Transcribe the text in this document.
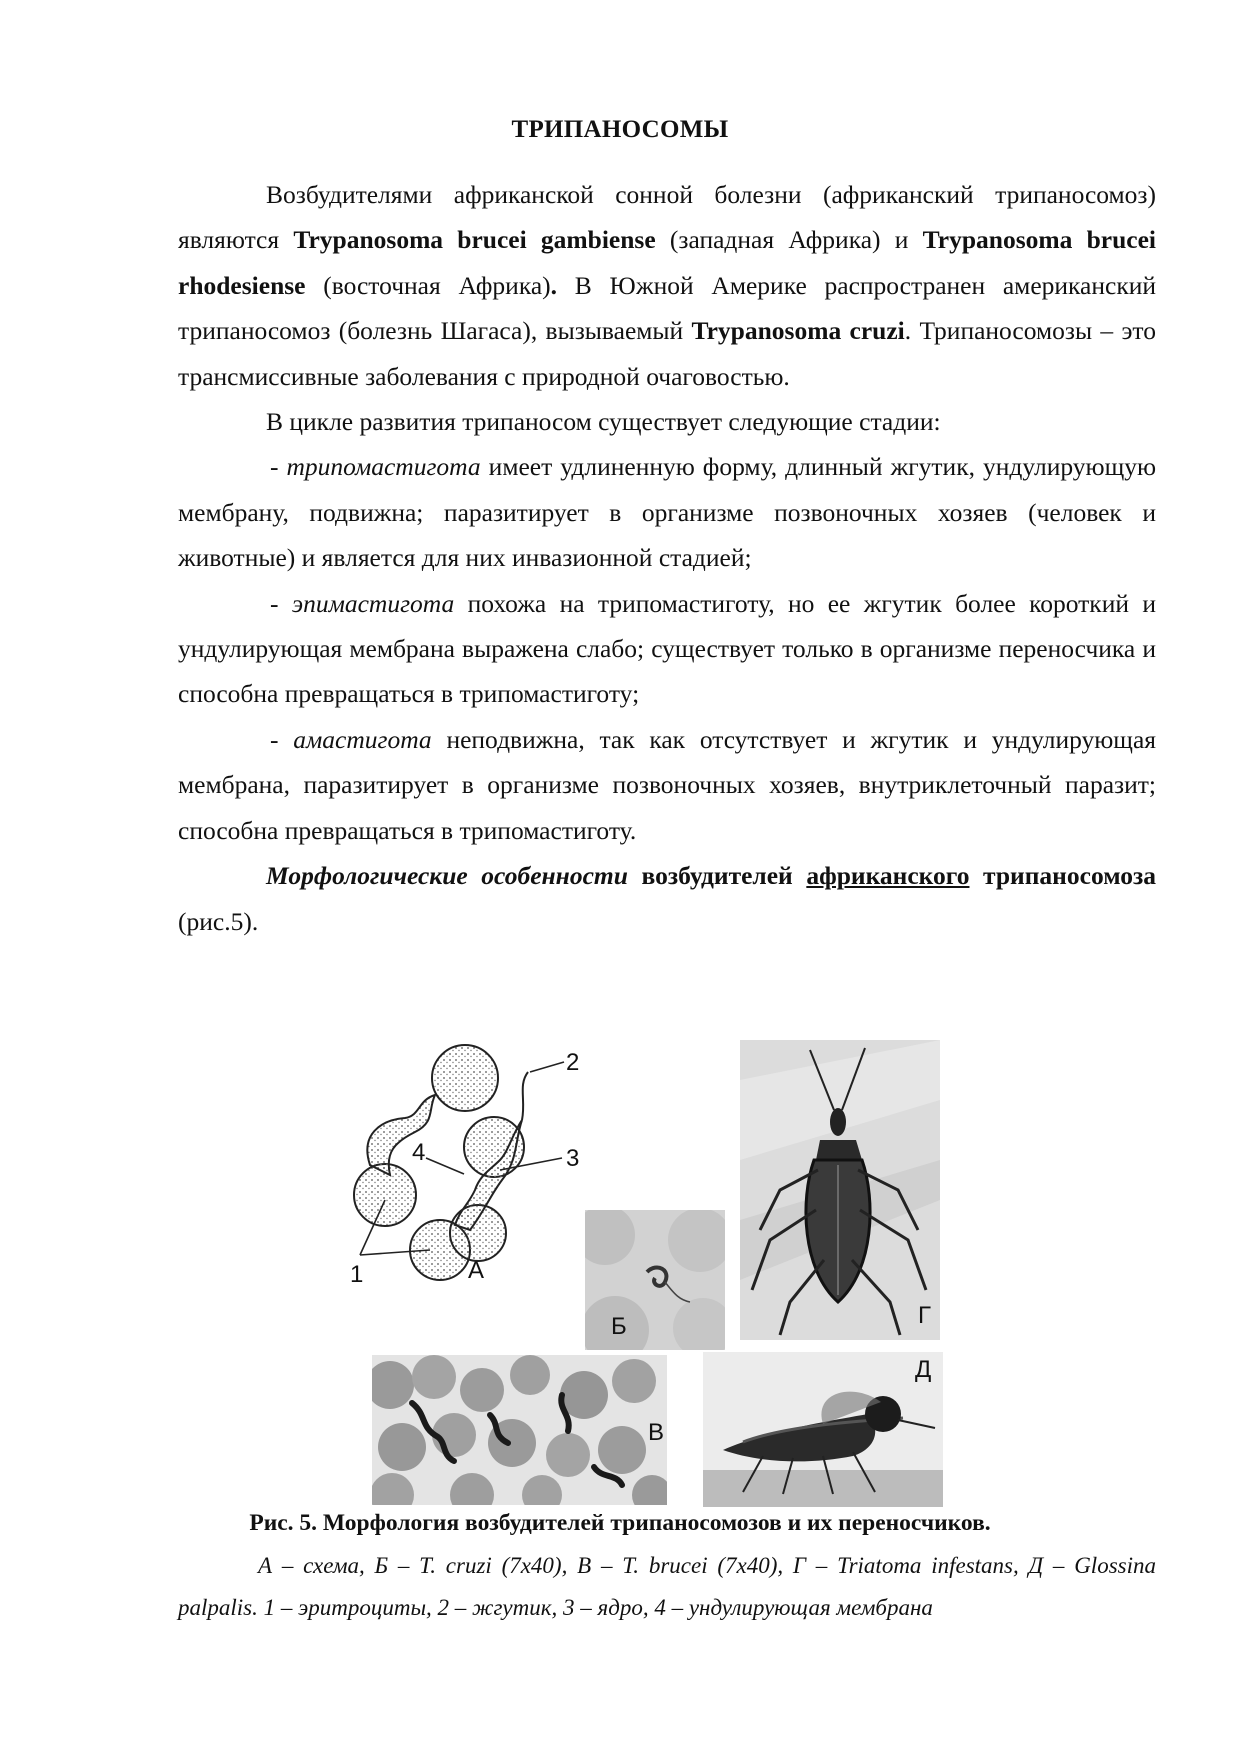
ТРИПАНОСОМЫ

Возбудителями африканской сонной болезни (африканский трипаносомоз) являются Trypanosoma brucei gambiense (западная Африка) и Trypanosoma brucei rhodesiense (восточная Африка). В Южной Америке распространен американский трипаносомоз (болезнь Шагаса), вызываемый Trypanosoma cruzi. Трипаносомозы – это трансмиссивные заболевания с природной очаговостью.

В цикле развития трипаносом существует следующие стадии:

- трипомастигота имеет удлиненную форму, длинный жгутик, ундулирующую мембрану, подвижна; паразитирует в организме позвоночных хозяев (человек и животные) и является для них инвазионной стадией;

- эпимастигота похожа на трипомастиготу, но ее жгутик более короткий и ундулирующая мембрана выражена слабо; существует только в организме переносчика и способна превращаться в трипомастиготу;

- амастигота неподвижна, так как отсутствует и жгутик и ундулирующая мембрана, паразитирует в организме позвоночных хозяев, внутриклеточный паразит; способна превращаться в трипомастиготу.

Морфологические особенности возбудителей африканского трипаносомоза (рис.5).

2
3
4
1	А
Б	Г
В
Д
Рис. 5. Морфология возбудителей трипаносомозов и их переносчиков.

А – схема, Б – T. cruzi (7х40), В – T. brucei (7х40), Г – Triatoma infestans, Д – Glossina palpalis. 1 – эритроциты, 2 – жгутик, 3 – ядро, 4 – ундулирующая мембрана
